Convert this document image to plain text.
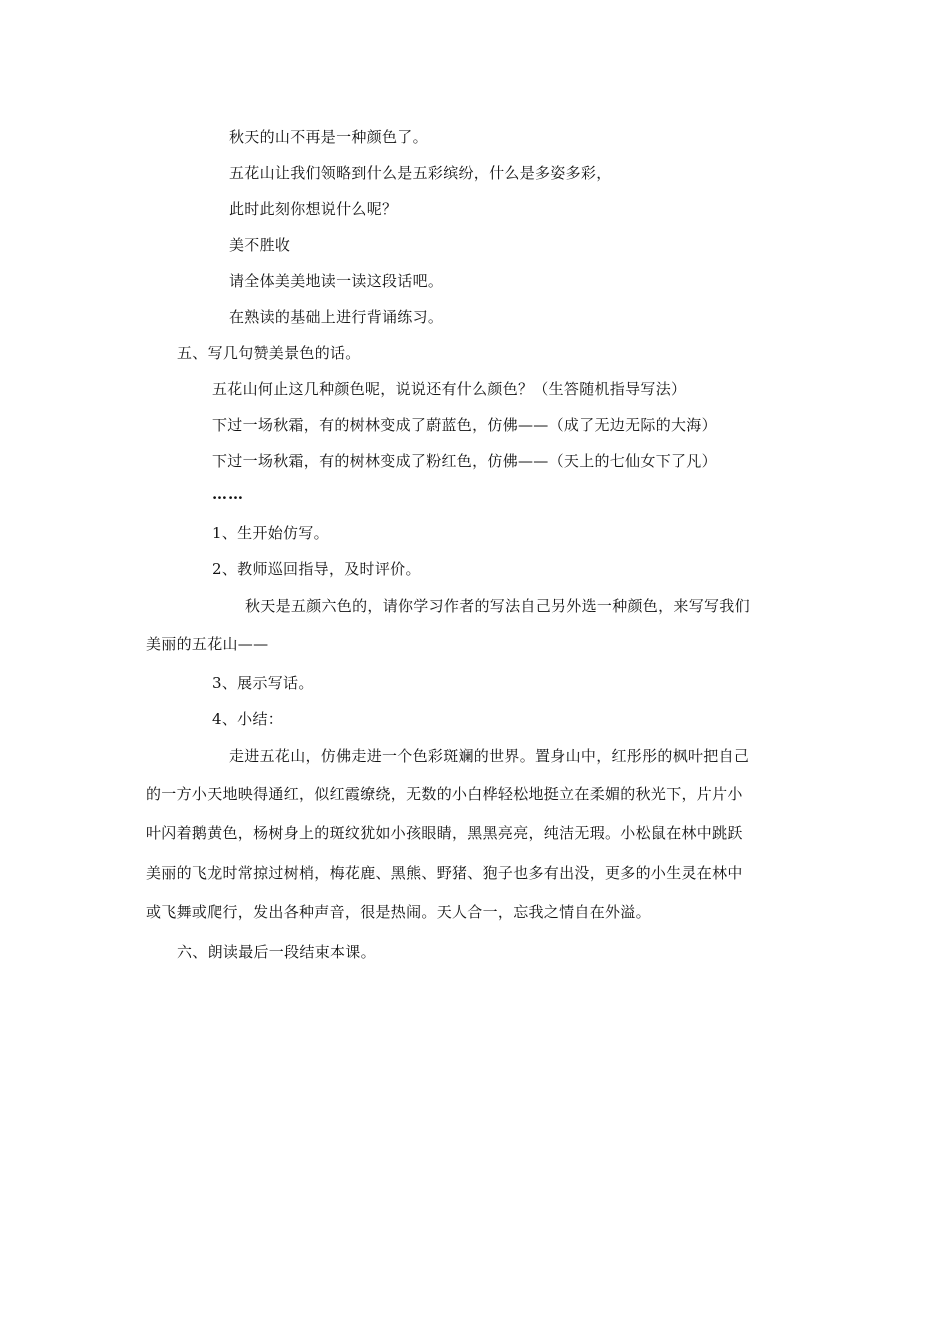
秋天的山不再是一种颜色了。
五花山让我们领略到什么是五彩缤纷，什么是多姿多彩，
此时此刻你想说什么呢？
美不胜收
请全体美美地读一读这段话吧。
在熟读的基础上进行背诵练习。
五、写几句赞美景色的话。
五花山何止这几种颜色呢，说说还有什么颜色？（生答随机指导写法）
下过一场秋霜，有的树林变成了蔚蓝色，仿佛——（成了无边无际的大海）
下过一场秋霜，有的树林变成了粉红色，仿佛——（天上的七仙女下了凡）
……
1、生开始仿写。
2、教师巡回指导，及时评价。
秋天是五颜六色的，请你学习作者的写法自己另外选一种颜色，来写写我们
美丽的五花山——
3、展示写话。
4、小结：
走进五花山，仿佛走进一个色彩斑斓的世界。置身山中，红彤彤的枫叶把自己
的一方小天地映得通红，似红霞缭绕，无数的小白桦轻松地挺立在柔媚的秋光下，片片小
叶闪着鹅黄色，杨树身上的斑纹犹如小孩眼睛，黑黑亮亮，纯洁无瑕。小松鼠在林中跳跃
美丽的飞龙时常掠过树梢，梅花鹿、黑熊、野猪、狍子也多有出没，更多的小生灵在林中
或飞舞或爬行，发出各种声音，很是热闹。天人合一，忘我之情自在外溢。
六、朗读最后一段结束本课。
